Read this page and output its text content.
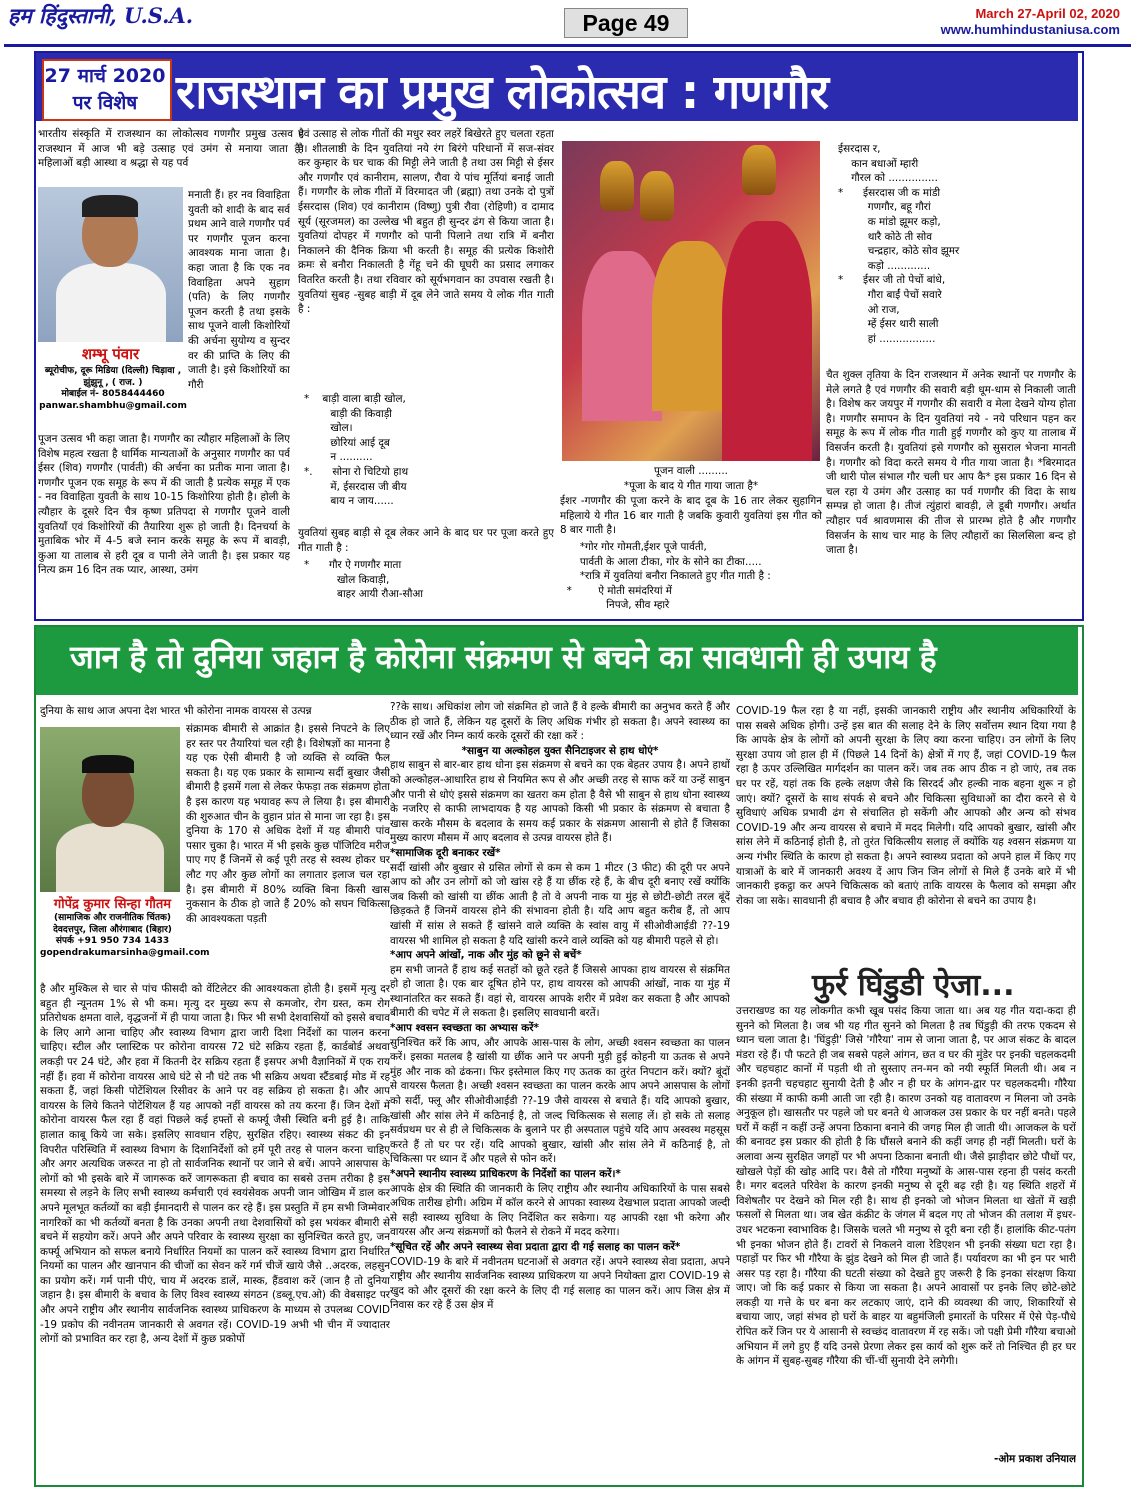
हम हिंदुस्तानी, U.S.A.	Page 49	March 27-April 02, 2020
www.humhindustaniusa.com
27 मार्च 2020 पर विशेष राजस्थान का प्रमुख लोकोत्सव : गणगौर
भारतीय संस्कृति में राजस्थान का लोकोत्सव गणगौर प्रमुख उत्सव है राजस्थान में आज भी बड़े उत्साह एवं उमंग से मनाया जाता है। महिलाओं बड़ी आस्था व श्रद्धा से यह पर्व
शम्भू पंवार
ब्यूरोचीफ, दूरू मिडिया (दिल्ली) चिड़ावा , झुंझुनू , ( राज. )
मोबाईल नं- 8058444460
panwar.shambhu@gmail.com
मनाती हैं। हर नव विवाहिता युवती को शादी के बाद सर्व प्रथम आने वाले गणगौर पर्व पर गणगौर पूजन करना आवश्यक माना जाता है। कहा जाता है कि एक नव विवाहिता अपने सुहाग (पति) के लिए गणगौर पूजन करती है तथा इसके साथ पूजने वाली किशोरियों की अर्चना सुयोग्य व सुन्दर वर की प्राप्ति के लिए की जाती है। इसे किशोरियों का गौरी
पूजन उत्सव भी कहा जाता है। गणगौर का त्यौहार महिलाओं के लिए विशेष महत्व रखता है धार्मिक मान्यताओं के अनुसार गणगौर का पर्व ईसर (शिव) गणगौर (पार्वती) की अर्चना का प्रतीक माना जाता है। गणगौर पूजन एक समूह के रूप में की जाती है प्रत्येक समूह में एक - नव विवाहिता युवती के साथ 10-15 किशोरिया होती है। होली के त्यौहार के दूसरे दिन चैत्र कृष्ण प्रतिपदा से गणगौर पूजने वाली युवतियाँ एवं किशोरियों की तैयारिया शुरू हो जाती है। दिनचर्या के मुताबिक भोर में 4-5 बजे स्नान करके समूह के रूप में बावड़ी, कुआ या तालाब से हरी दूब व पानी लेने जाती है। इस प्रकार यह नित्य क्रम 16 दिन तक प्यार, आस्था, उमंग
एवं उत्साह से लोक गीतों की मधुर स्वर लहरें बिखेरते हुए चलता रहता है। शीतलाष्ठी के दिन युवतियां नये रंग बिरंगे परिधानों में सज-संवर कर कुम्हार के घर चाक की मिट्टी लेने जाती है तथा उस मिट्टी से ईसर और गणगौर एवं कानीराम, सालण, रौवा ये पांच मूर्तियां बनाई जाती हैं। गणगौर के लोक गीतों में विरमादत जी (ब्रह्मा) तथा उनके दो पुत्रों ईसरदास (शिव) एवं कानीराम (विष्णु) पुत्री रौवा (रोहिणी) व दामाद सूर्य (सूरजमल) का उल्लेख भी बहुत ही सुन्दर ढंग से किया जाता है। युवतियां दोपहर में गणगौर को पानी पिलाने तथा रात्रि में बनौरा निकालने की दैनिक क्रिया भी करती है। समूह की प्रत्येक किशोरी क्रमः से बनौरा निकालती है गेंहू चने की घूघरी का प्रसाद लगाकर वितरित करती है। तथा रविवार को सूर्यभगवान का उपवास रखती है। युवतियां सुबह -सुबह बाड़ी में दूब लेने जाते समय ये लोक गीत गाती है :
*    बाड़ी वाला बाड़ी खोल,
बाड़ी की किवाड़ी
खोल।
छोरियां आई दूब
न ..........
*.      सोना रो चिटियो हाथ
में, ईसरदास जी बीय
बाय न जाय......
युवतियां सुबह बाड़ी से दूब लेकर आने के बाद घर पर पूजा करते हुए गीत गाती है :
*      गौर ऐ गणगौर माता
खोल किवाड़ी,
बाहर आयी रौआ-सौआ
पूजन वाली .........
*पूजा के बाद ये गीत गाया जाता है*
ईशर -गणगौर की पूजा करने के बाद दूब के 16 तार लेकर सुहागिन महिलाये ये गीत 16 बार गाती है जबकि कुवारी युवतियां इस गीत को 8 बार गाती है।
*गोर गोर गोमती,ईशर पूजे पार्वती,
पार्वती के आला टीका, गोर के सोने का टीका.....
*रात्रि में युवतियां बनौरा निकालते हुए गीत गाती है :
*        ऐ मोती समंदरियां में
निपजे, सीव म्हारे
ईसरदास र,
कान बधाओं म्हारी
गौरल को ...............
*      ईसरदास जी क मांडी
गणगौर, बहू गौरां
क मांडो झूमर कड़ो,
थारै कोठे ती सोव
चन्द्रहार, कोठे सोव झूमर
कड़ो .............
*      ईसर जी तो पेचों बांधे,
गौरा बाईं पेचों सवारे
ओ राज,
म्हें ईसर थारी साली
हां .................
चैत शुक्ल तृतिया के दिन राजस्थान में अनेक स्थानों पर गणगौर के मेले लगते है एवं गणगौर की सवारी बड़ी धूम-धाम से निकाली जाती है। विशेष कर जयपुर में गणगौर की सवारी व मेला देखने योग्य होता है। गणगौर समापन के दिन युवतियां नये - नये परिधान पहन कर समूह के रूप में लोक गीत गाती हुई गणगौर को कुए या तालाब में विसर्जन करती है। युवतियां इसे गणगौर को सुसराल भेजना मानती है। गणगौर को विदा करते समय ये गीत गाया जाता है। *बिरमादत जी थारी पोल संभाल गौर चली घर आप कै* इस प्रकार 16 दिन से चल रहा ये उमंग और उत्साह का पर्व गणगौर की विदा के साथ सम्पन्न हो जाता है। तीजं त्युंहारां बावड़ी, ले डूबी गणगौर। अर्थात त्यौहार पर्व श्रावणमास की तीज से प्रारम्भ होते है और गणगौर विसर्जन के साथ चार माह के लिए त्यौहारों का सिलसिला बन्द हो जाता है।
जान है तो दुनिया जहान है कोरोना संक्रमण से बचने का सावधानी ही उपाय है
दुनिया के साथ आज अपना देश भारत भी कोरोना नामक वायरस से उत्पन्न
गोपेंद्र कुमार सिन्हा गौतम
(सामाजिक और राजनीतिक चिंतक) देवदत्तपुर, जिला औरंगाबाद (बिहार)
संपर्क +91 950 734 1433
gopendrakumarsinha@gmail.com
संक्रामक बीमारी से आक्रांत है। इससे निपटने के लिए हर स्तर पर तैयारियां चल रही है। विशेषज्ञों का मानना है यह एक ऐसी बीमारी है जो व्यक्ति से व्यक्ति फैल सकता है। यह एक प्रकार के सामान्य सर्दी बुखार जैसी बीमारी है इसमें गला से लेकर फेफड़ा तक संक्रमण होता है इस कारण यह भयावह रूप ले लिया है। इस बीमारी की शुरुआत चीन के वुहान प्रांत से माना जा रहा है। इस दुनिया के 170 से अधिक देशों में यह बीमारी पांव पसार चुका है। भारत में भी इसके कुछ पॉजिटिव मरीज पाए गए हैं जिनमें से कई पूरी तरह से स्वस्थ होकर घर लौट गए और कुछ लोगों का लगातार इलाज चल रहा है। इस बीमारी में 80% व्यक्ति बिना किसी खास नुकसान के ठीक हो जाते हैं 20% को सघन चिकित्सा की आवश्यकता पड़ती
है और मुश्किल से चार से पांच फीसदी को वेंटिलेटर की आवश्यकता होती है। इसमें मृत्यु दर बहुत ही न्यूनतम 1% से भी कम। मृत्यु दर मुख्य रूप से कमजोर, रोग ग्रस्त, कम रोग प्रतिरोधक क्षमता वाले, वृद्धजनों में ही पाया जाता है। फिर भी सभी देशवासियों को इससे बचाव के लिए आगे आना चाहिए और स्वास्थ्य विभाग द्वारा जारी दिशा निर्देशों का पालन करना चाहिए। स्टील और प्लास्टिक पर कोरोना वायरस 72 घंटे सक्रिय रहता हैं, कार्डबोर्ड अथवा लकड़ी पर 24 घंटे, और हवा में कितनी देर सक्रिय रहता हैं इसपर अभी वैज्ञानिकों में एक राय नहीं हैं। हवा में कोरोना वायरस आधे घंटे से नौ घंटे तक भी सक्रिय अथवा स्टैंडबाई मोड में रह सकता हैं, जहां किसी पोटेंशियल रिसीवर के आने पर वह सक्रिय हो सकता है। और आप वायरस के लिये कितने पोटेंशियल हैं यह आपको नहीं वायरस को तय करना हैं। जिन देशों में कोरोना वायरस फैल रहा हैं वहां पिछले कई हफ्तों से कर्फ्यू जैसी स्थिति बनी हुई है। ताकि हालात काबू किये जा सके। इसलिए सावधान रहिए, सुरक्षित रहिए। स्वास्थ्य संकट की इन विपरीत परिस्थिति में स्वास्थ्य विभाग के दिशानिर्देशों को हमें पूरी तरह से पालन करना चाहिए और अगर अत्यधिक जरूरत ना हो तो सार्वजनिक स्थानों पर जाने से बचें। आपने आसपास के लोगों को भी इसके बारे में जागरूक करें जागरूकता ही बचाव का सबसे उत्तम तरीका है इस समस्या से लड़ने के लिए सभी स्वास्थ्य कर्मचारी एवं स्वयंसेवक अपनी जान जोखिम में डाल कर अपने मूलभूत कर्तव्यों का बड़ी ईमानदारी से पालन कर रहे हैं। इस प्रस्तुति में हम सभी जिम्मेवार नागरिकों का भी कर्तव्यों बनता है कि उनका अपनी तथा देशवासियों को इस भयंकर बीमारी से बचने में सहयोग करें। अपने और अपने परिवार के स्वास्थ्य सुरक्षा का सुनिश्चित करते हुए, जन कर्फ्यू अभियान को सफल बनाये निर्धारित नियमों का पालन करें स्वास्थ्य विभाग द्वारा निर्धारित नियमों का पालन और खानपान की चीजों का सेवन करें गर्म चीजें खाये जैसे ..अदरक, लहसुन का प्रयोग करें। गर्म पानी पीएं, चाय में अदरक डालें, मास्क, हैंडवाश करें (जान है तो दुनिया जहान है। इस बीमारी के बचाव के लिए विश्व स्वास्थ्य संगठन (डब्लू.एच.ओ) की वेबसाइट पर और अपने राष्ट्रीय और स्थानीय सार्वजनिक स्वास्थ्य प्राधिकरण के माध्यम से उपलब्ध COVID -19 प्रकोप की नवीनतम जानकारी से अवगत रहें। COVID-19 अभी भी चीन में ज्यादातर लोगों को प्रभावित कर रहा है, अन्य देशों में कुछ प्रकोपों
??के साथ। अधिकांश लोग जो संक्रमित हो जाते हैं वे हल्के बीमारी का अनुभव करते हैं और ठीक हो जाते हैं, लेकिन यह दूसरों के लिए अधिक गंभीर हो सकता है। अपने स्वास्थ्य का ध्यान रखें और निम्न कार्य करके दूसरों की रक्षा करें :
*साबुन या अल्कोहल युक्त सैनिटाइजर से हाथ धोएं*
हाथ साबुन से बार-बार हाथ धोना इस संक्रमण से बचने का एक बेहतर उपाय है। अपने हाथों को अल्कोहल-आधारित हाथ से नियमित रूप से और अच्छी तरह से साफ करें या उन्हें साबुन और पानी से धोएं इससे संक्रमण का खतरा कम होता है वैसे भी साबुन से हाथ धोना स्वास्थ्य के नजरिए से काफी लाभदायक है यह आपको किसी भी प्रकार के संक्रमण से बचाता है खास करके मौसम के बदलाव के समय कई प्रकार के संक्रमण आसानी से होते हैं जिसका मुख्य कारण मौसम में आए बदलाव से उत्पन्न वायरस होते हैं।
*सामाजिक दूरी बनाकर रखें*
सर्दी खांसी और बुखार से ग्रसित लोगों से कम से कम 1 मीटर (3 फीट) की दूरी पर अपने आप को और उन लोगों को जो खांस रहे हैं या छींक रहे हैं, के बीच दूरी बनाए रखें क्योंकि जब किसी को खांसी या छींक आती है तो वे अपनी नाक या मुंह से छोटी-छोटी तरल बूंदें छिड़कते हैं जिनमें वायरस होने की संभावना होती है। यदि आप बहुत करीब हैं, तो आप खांसी में सांस ले सकते हैं खांसने वाले व्यक्ति के स्वांस वायु में सीओवीआईडी ??-19 वायरस भी शामिल हो सकता है यदि खांसी करने वाले व्यक्ति को यह बीमारी पहले से हो।
*आप अपने आंखों, नाक और मुंह को छूने से बचें*
हम सभी जानते हैं हाथ कई सतहों को छूते रहते हैं जिससे आपका हाथ वायरस से संक्रमित हो हो जाता है। एक बार दूषित होने पर, हाथ वायरस को आपकी आंखों, नाक या मुंह में स्थानांतरित कर सकते हैं। वहां से, वायरस आपके शरीर में प्रवेश कर सकता है और आपको बीमारी की चपेट में ले सकता है। इसलिए सावधानी बरतें।
*आप श्वसन स्वच्छता का अभ्यास करें*
सुनिश्चित करें कि आप, और आपके आस-पास के लोग, अच्छी श्वसन स्वच्छता का पालन करें। इसका मतलब है खांसी या छींक आने पर अपनी मुड़ी हुई कोहनी या ऊतक से अपने मुंह और नाक को ढंकना। फिर इस्तेमाल किए गए ऊतक का तुरंत निपटान करें। क्यों? बूंदों से वायरस फैलता है। अच्छी श्वसन स्वच्छता का पालन करके आप अपने आसपास के लोगों को सर्दी, फ्लू और सीओवीआईडी ??-19 जैसे वायरस से बचाते हैं। यदि आपको बुखार, खांसी और सांस लेने में कठिनाई है, तो जल्द चिकित्सक से सलाह लें। हो सके तो सलाह सर्वप्रथम घर से ही ले चिकित्सक के बुलाने पर ही अस्पताल पहुंचे यदि आप अस्वस्थ महसूस करते हैं तो घर पर रहें। यदि आपको बुखार, खांसी और सांस लेने में कठिनाई है, तो चिकित्सा पर ध्यान दें और पहले से फोन करें।
*अपने स्थानीय स्वास्थ्य प्राधिकरण के निर्देशों का पालन करें।*
आपके क्षेत्र की स्थिति की जानकारी के लिए राष्ट्रीय और स्थानीय अधिकारियों के पास सबसे अधिक तारीख होगी। अग्रिम में कॉल करने से आपका स्वास्थ्य देखभाल प्रदाता आपको जल्दी से सही स्वास्थ्य सुविधा के लिए निर्देशित कर सकेगा। यह आपकी रक्षा भी करेगा और वायरस और अन्य संक्रमणों को फैलने से रोकने में मदद करेगा।
*सूचित रहें और अपने स्वास्थ्य सेवा प्रदाता द्वारा दी गई सलाह का पालन करें*
COVID-19 के बारे में नवीनतम घटनाओं से अवगत रहें। अपने स्वास्थ्य सेवा प्रदाता, अपने राष्ट्रीय और स्थानीय सार्वजनिक स्वास्थ्य प्राधिकरण या अपने नियोक्ता द्वारा COVID-19 से खुद को और दूसरों की रक्षा करने के लिए दी गई सलाह का पालन करें। आप जिस क्षेत्र में निवास कर रहे हैं उस क्षेत्र में
COVID-19 फैल रहा है या नहीं, इसकी जानकारी राष्ट्रीय और स्थानीय अधिकारियों के पास सबसे अधिक होगी। उन्हें इस बात की सलाह देने के लिए सर्वोत्तम स्थान दिया गया है कि आपके क्षेत्र के लोगों को अपनी सुरक्षा के लिए क्या करना चाहिए। उन लोगों के लिए सुरक्षा उपाय जो हाल ही में (पिछले 14 दिनों के) क्षेत्रों में गए हैं, जहां COVID-19 फैल रहा है ऊपर उल्लिखित मार्गदर्शन का पालन करें। जब तक आप ठीक न हो जाएं, तब तक घर पर रहें, यहां तक कि हल्के लक्षण जैसे कि सिरदर्द और हल्की नाक बहना शुरू न हो जाएं। क्यों? दूसरों के साथ संपर्क से बचने और चिकित्सा सुविधाओं का दौरा करने से ये सुविधाएं अधिक प्रभावी ढंग से संचालित हो सकेंगी और आपको और अन्य को संभव COVID-19 और अन्य वायरस से बचाने में मदद मिलेगी। यदि आपको बुखार, खांसी और सांस लेने में कठिनाई होती है, तो तुरंत चिकित्सीय सलाह लें क्योंकि यह श्वसन संक्रमण या अन्य गंभीर स्थिति के कारण हो सकता है। अपने स्वास्थ्य प्रदाता को अपने हाल में किए गए यात्राओं के बारे में जानकारी अवश्य दें आप जिन जिन लोगों से मिले हैं उनके बारे में भी जानकारी इकट्ठा कर अपने चिकित्सक को बताएं ताकि वायरस के फैलाव को समझा और रोका जा सके। सावधानी ही बचाव है और बचाव ही कोरोना से बचने का उपाय है।
फुर्र घिंडुडी ऐजा...
उत्तराखण्ड का यह लोकगीत कभी खूब पसंद किया जाता था। अब यह गीत यदा-कदा ही सुनने को मिलता है। जब भी यह गीत सुनने को मिलता है तब घिंडुड़ी की तरफ एकदम से ध्यान चला जाता है। 'घिंडुड़ी' जिसे 'गौरैया' नाम से जाना जाता है, पर आज संकट के बादल मंडरा रहे हैं। पौ फटते ही जब सबसे पहले आंगन, छत व घर की मुंडेर पर इनकी चहलकदमी और चहचहाट कानों में पड़ती थी तो सुस्ताए तन-मन को नयी स्फूर्ति मिलती थी। अब न इनकी इतनी चहचहाट सुनायी देती है और न ही घर के आंगन-द्वार पर चहलकदमी। गौरैया की संख्या में काफी कमी आती जा रही है। कारण उनको यह वातावरण न मिलना जो उनके अनुकूल हो। खासतौर पर पहले जो घर बनते थे आजकल उस प्रकार के घर नहीं बनते। पहले घरों में कहीं न कहीं उन्हें अपना ठिकाना बनाने की जगह मिल ही जाती थी। आजकल के घरों की बनावट इस प्रकार की होती है कि घौंसले बनाने की कहीं जगह ही नहीं मिलती। घरों के अलावा अन्य सुरक्षित जगहों पर भी अपना ठिकाना बनाती थी। जैसे झाड़ीदार छोटे पौधों पर, खोखले पेड़ों की खोह आदि पर। वैसे तो गौरैया मनुष्यों के आस-पास रहना ही पसंद करती है। मगर बदलते परिवेश के कारण इनकी मनुष्य से दूरी बढ़ रही है। यह स्थिति शहरों में विशेषतौर पर देखने को मिल रही है। साथ ही इनको जो भोजन मिलता था खेतों में खड़ी फसलों से मिलता था। जब खेत कंक्रीट के जंगल में बदल गए तो भोजन की तलाश में इधर-उधर भटकना स्वाभाविक है। जिसके चलते भी मनुष्य से दूरी बना रही हैं। हालांकि कीट-पतंग भी इनका भोजन होते हैं। टावरों से निकलने वाला रेडिएशन भी इनकी संख्या घटा रहा है। पहाड़ों पर फिर भी गौरैया के झुंड देखने को मिल ही जाते हैं। पर्यावरण का भी इन पर भारी असर पड़ रहा है। गौरैया की घटती संख्या को देखते हुए जरूरी है कि इनका संरक्षण किया जाए। जो कि कई प्रकार से किया जा सकता है। अपने आवासों पर इनके लिए छोटे-छोटे लकड़ी या गत्ते के घर बना कर लटकाए जाएं, दाने की व्यवस्था की जाए, शिकारियों से बचाया जाए, जहां संभव हो घरों के बाहर या बहुमंजिली इमारतों के परिसर में ऐसे पेड़-पौधे रोपित करें जिन पर ये आसानी से स्वच्छंद वातावरण में रह सकें। जो पक्षी प्रेमी गौरैया बचाओ अभियान में लगे हुए हैं यदि उनसे प्रेरणा लेकर इस कार्य को शुरू करें तो निश्चित ही हर घर के आंगन में सुबह-सुबह गौरैया की चीं-चीं सुनायी देने लगेगी।
-ओम प्रकाश उनियाल
